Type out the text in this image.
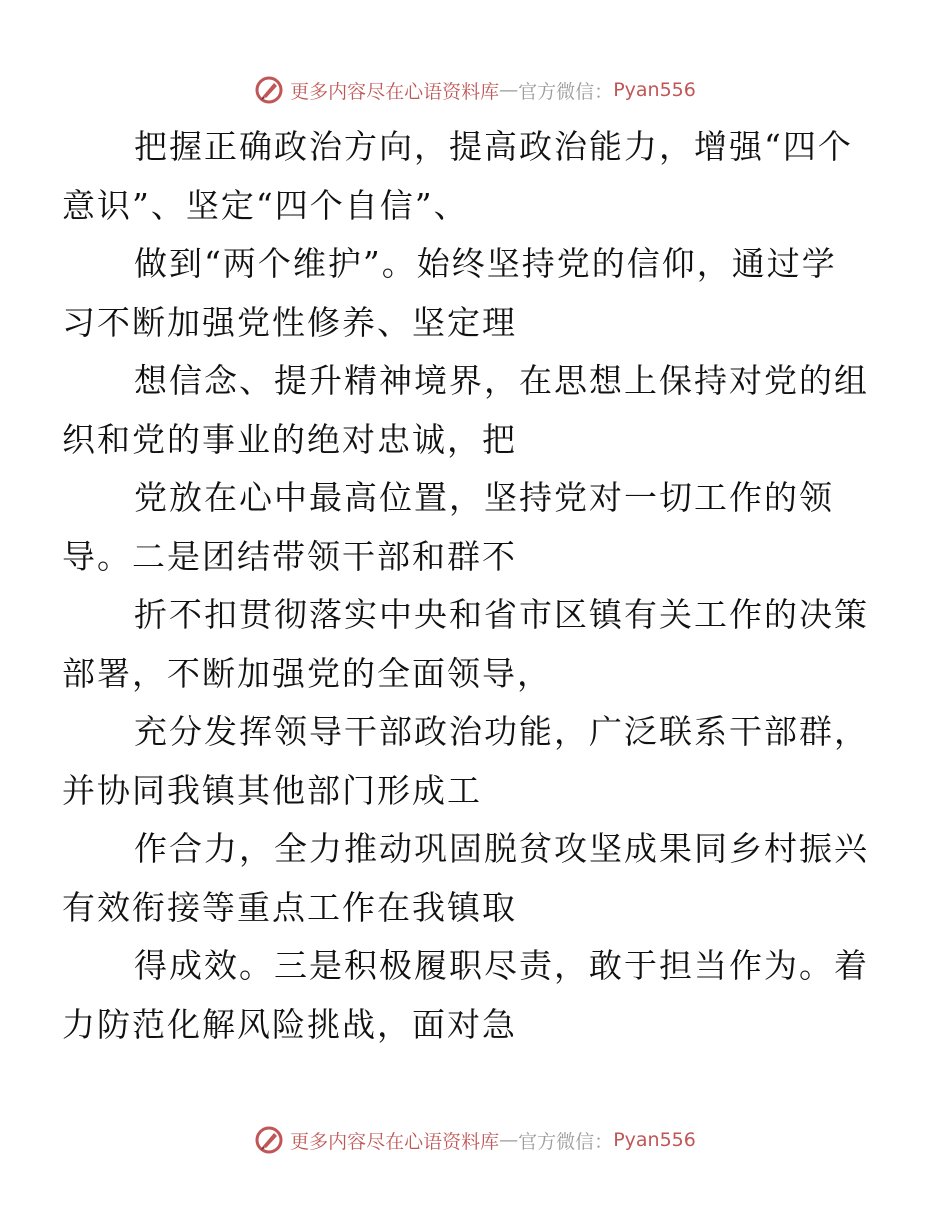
更多内容尽在心语资料库 — 官方微信： Pyan556

把握正确政治方向，提高政治能力，增强“四个
意识”、坚定“四个自信”、

做到“两个维护”。始终坚持党的信仰，通过学
习不断加强党性修养、坚定理

想信念、提升精神境界，在思想上保持对党的组
织和党的事业的绝对忠诚，把

党放在心中最高位置，坚持党对一切工作的领
导。二是团结带领干部和群不

折不扣贯彻落实中央和省市区镇有关工作的决策
部署，不断加强党的全面领导，

充分发挥领导干部政治功能，广泛联系干部群，
并协同我镇其他部门形成工

作合力，全力推动巩固脱贫攻坚成果同乡村振兴
有效衔接等重点工作在我镇取

得成效。三是积极履职尽责，敢于担当作为。着
力防范化解风险挑战，面对急

更多内容尽在心语资料库 — 官方微信： Pyan556
